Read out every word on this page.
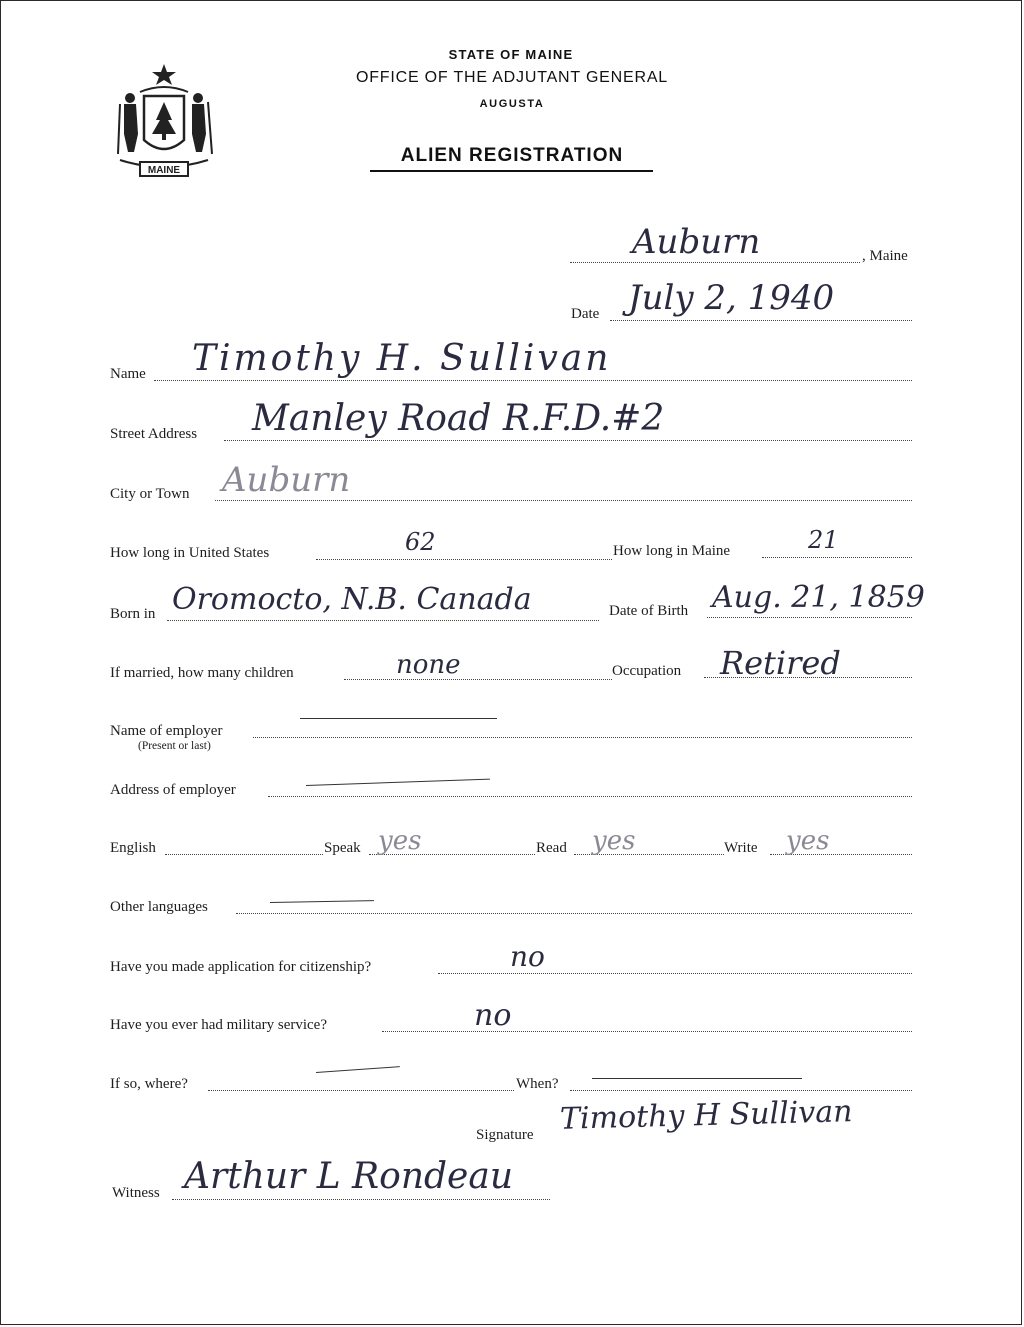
MAINE
STATE OF MAINE
OFFICE OF THE ADJUTANT GENERAL
AUGUSTA
ALIEN REGISTRATION
Auburn	, Maine
Date July 2, 1940
Name Timothy H. Sullivan
Street Address Manley Road R.F.D.#2
City or Town Auburn
How long in United States	62	How long in Maine	21
Born in Oromocto, N.B. Canada	Date of Birth Aug. 21, 1859
If married, how many children	none	Occupation Retired
Name of employer
(Present or last)
Address of employer
English	Speak yes	Read yes	Write yes
Other languages
Have you made application for citizenship?	no
Have you ever had military service?	no
If so, where?	When?
Signature Timothy H Sullivan
Witness Arthur L Rondeau
